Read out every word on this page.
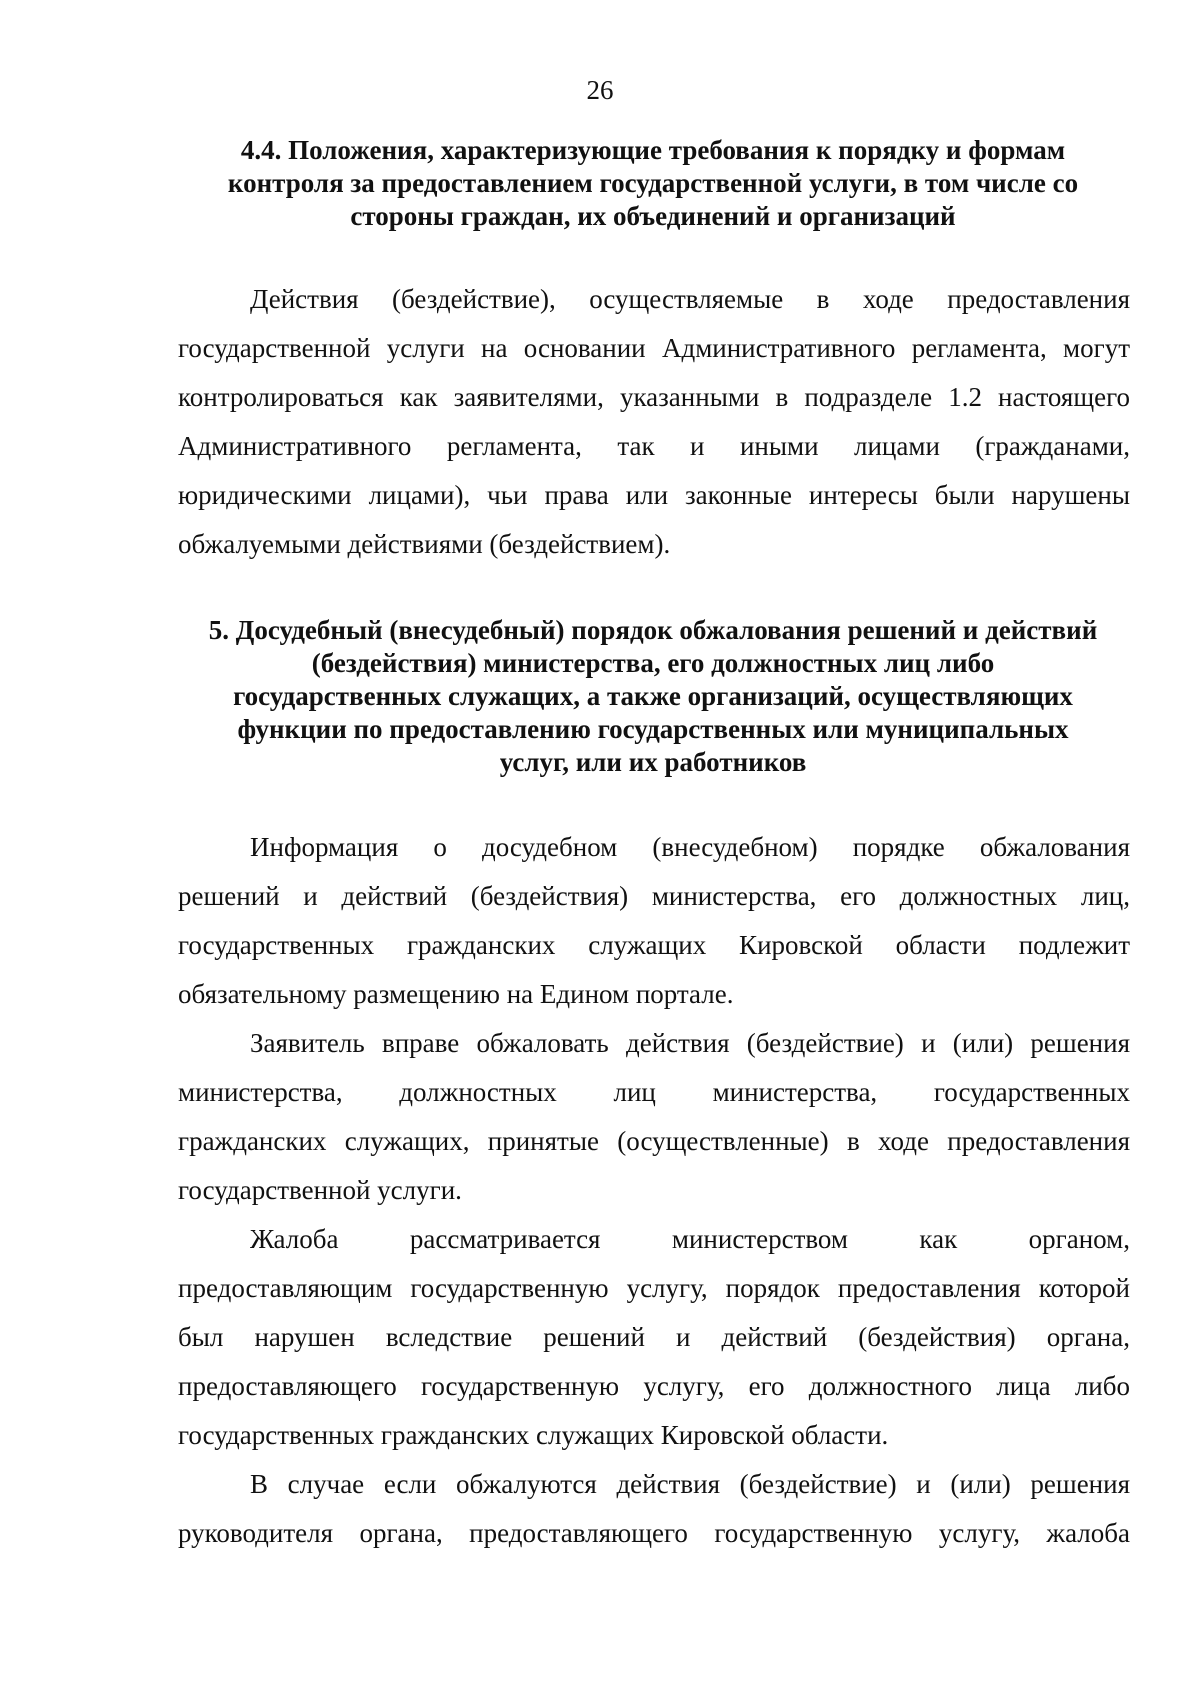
26
4.4. Положения, характеризующие требования к порядку и формам
контроля за предоставлением государственной услуги, в том числе со
стороны граждан, их объединений и организаций

Действия (бездействие), осуществляемые в ходе предоставления
государственной услуги на основании Административного регламента, могут
контролироваться как заявителями, указанными в подразделе 1.2 настоящего
Административного регламента, так и иными лицами (гражданами,
юридическими лицами), чьи права или законные интересы были нарушены
обжалуемыми действиями (бездействием).

5. Досудебный (внесудебный) порядок обжалования решений и действий
(бездействия) министерства, его должностных лиц либо
государственных служащих, а также организаций, осуществляющих
функции по предоставлению государственных или муниципальных
услуг, или их работников

Информация о досудебном (внесудебном) порядке обжалования
решений и действий (бездействия) министерства, его должностных лиц,
государственных гражданских служащих Кировской области подлежит
обязательному размещению на Едином портале.

Заявитель вправе обжаловать действия (бездействие) и (или) решения
министерства, должностных лиц министерства, государственных
гражданских служащих, принятые (осуществленные) в ходе предоставления
государственной услуги.

Жалоба рассматривается министерством как органом,
предоставляющим государственную услугу, порядок предоставления которой
был нарушен вследствие решений и действий (бездействия) органа,
предоставляющего государственную услугу, его должностного лица либо
государственных гражданских служащих Кировской области.

В случае если обжалуются действия (бездействие) и (или) решения
руководителя органа, предоставляющего государственную услугу, жалоба
